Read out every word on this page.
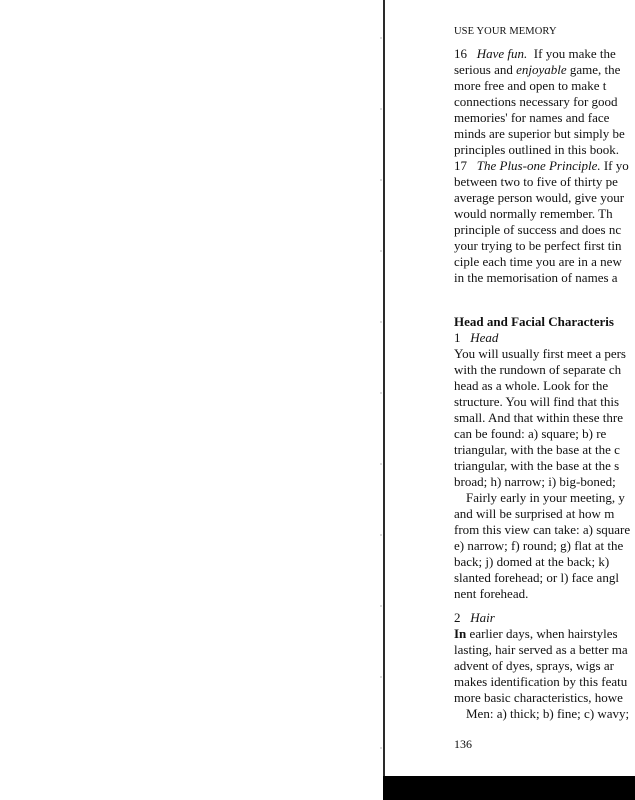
USE YOUR MEMORY
16   Have fun.  If you make the
serious and enjoyable game, the
more free and open to make t
connections necessary for good
memories' for names and face
minds are superior but simply be
principles outlined in this book.
17   The Plus-one Principle. If yo
between two to five of thirty pe
average person would, give your
would normally remember. Th
principle of success and does nc
your trying to be perfect first tin
ciple each time you are in a new
in the memorisation of names a
Head and Facial Characteris
1   Head
You will usually first meet a pers
with the rundown of separate ch
head as a whole. Look for the
structure. You will find that this
small. And that within these thre
can be found: a) square; b) re
triangular, with the base at the c
triangular, with the base at the s
broad; h) narrow; i) big-boned;
Fairly early in your meeting, y
and will be surprised at how m
from this view can take: a) square
e) narrow; f) round; g) flat at the
back; j) domed at the back; k)
slanted forehead; or l) face angl
nent forehead.
2   Hair
In earlier days, when hairstyles
lasting, hair served as a better ma
advent of dyes, sprays, wigs ar
makes identification by this featu
more basic characteristics, howe
Men: a) thick; b) fine; c) wavy;
136
